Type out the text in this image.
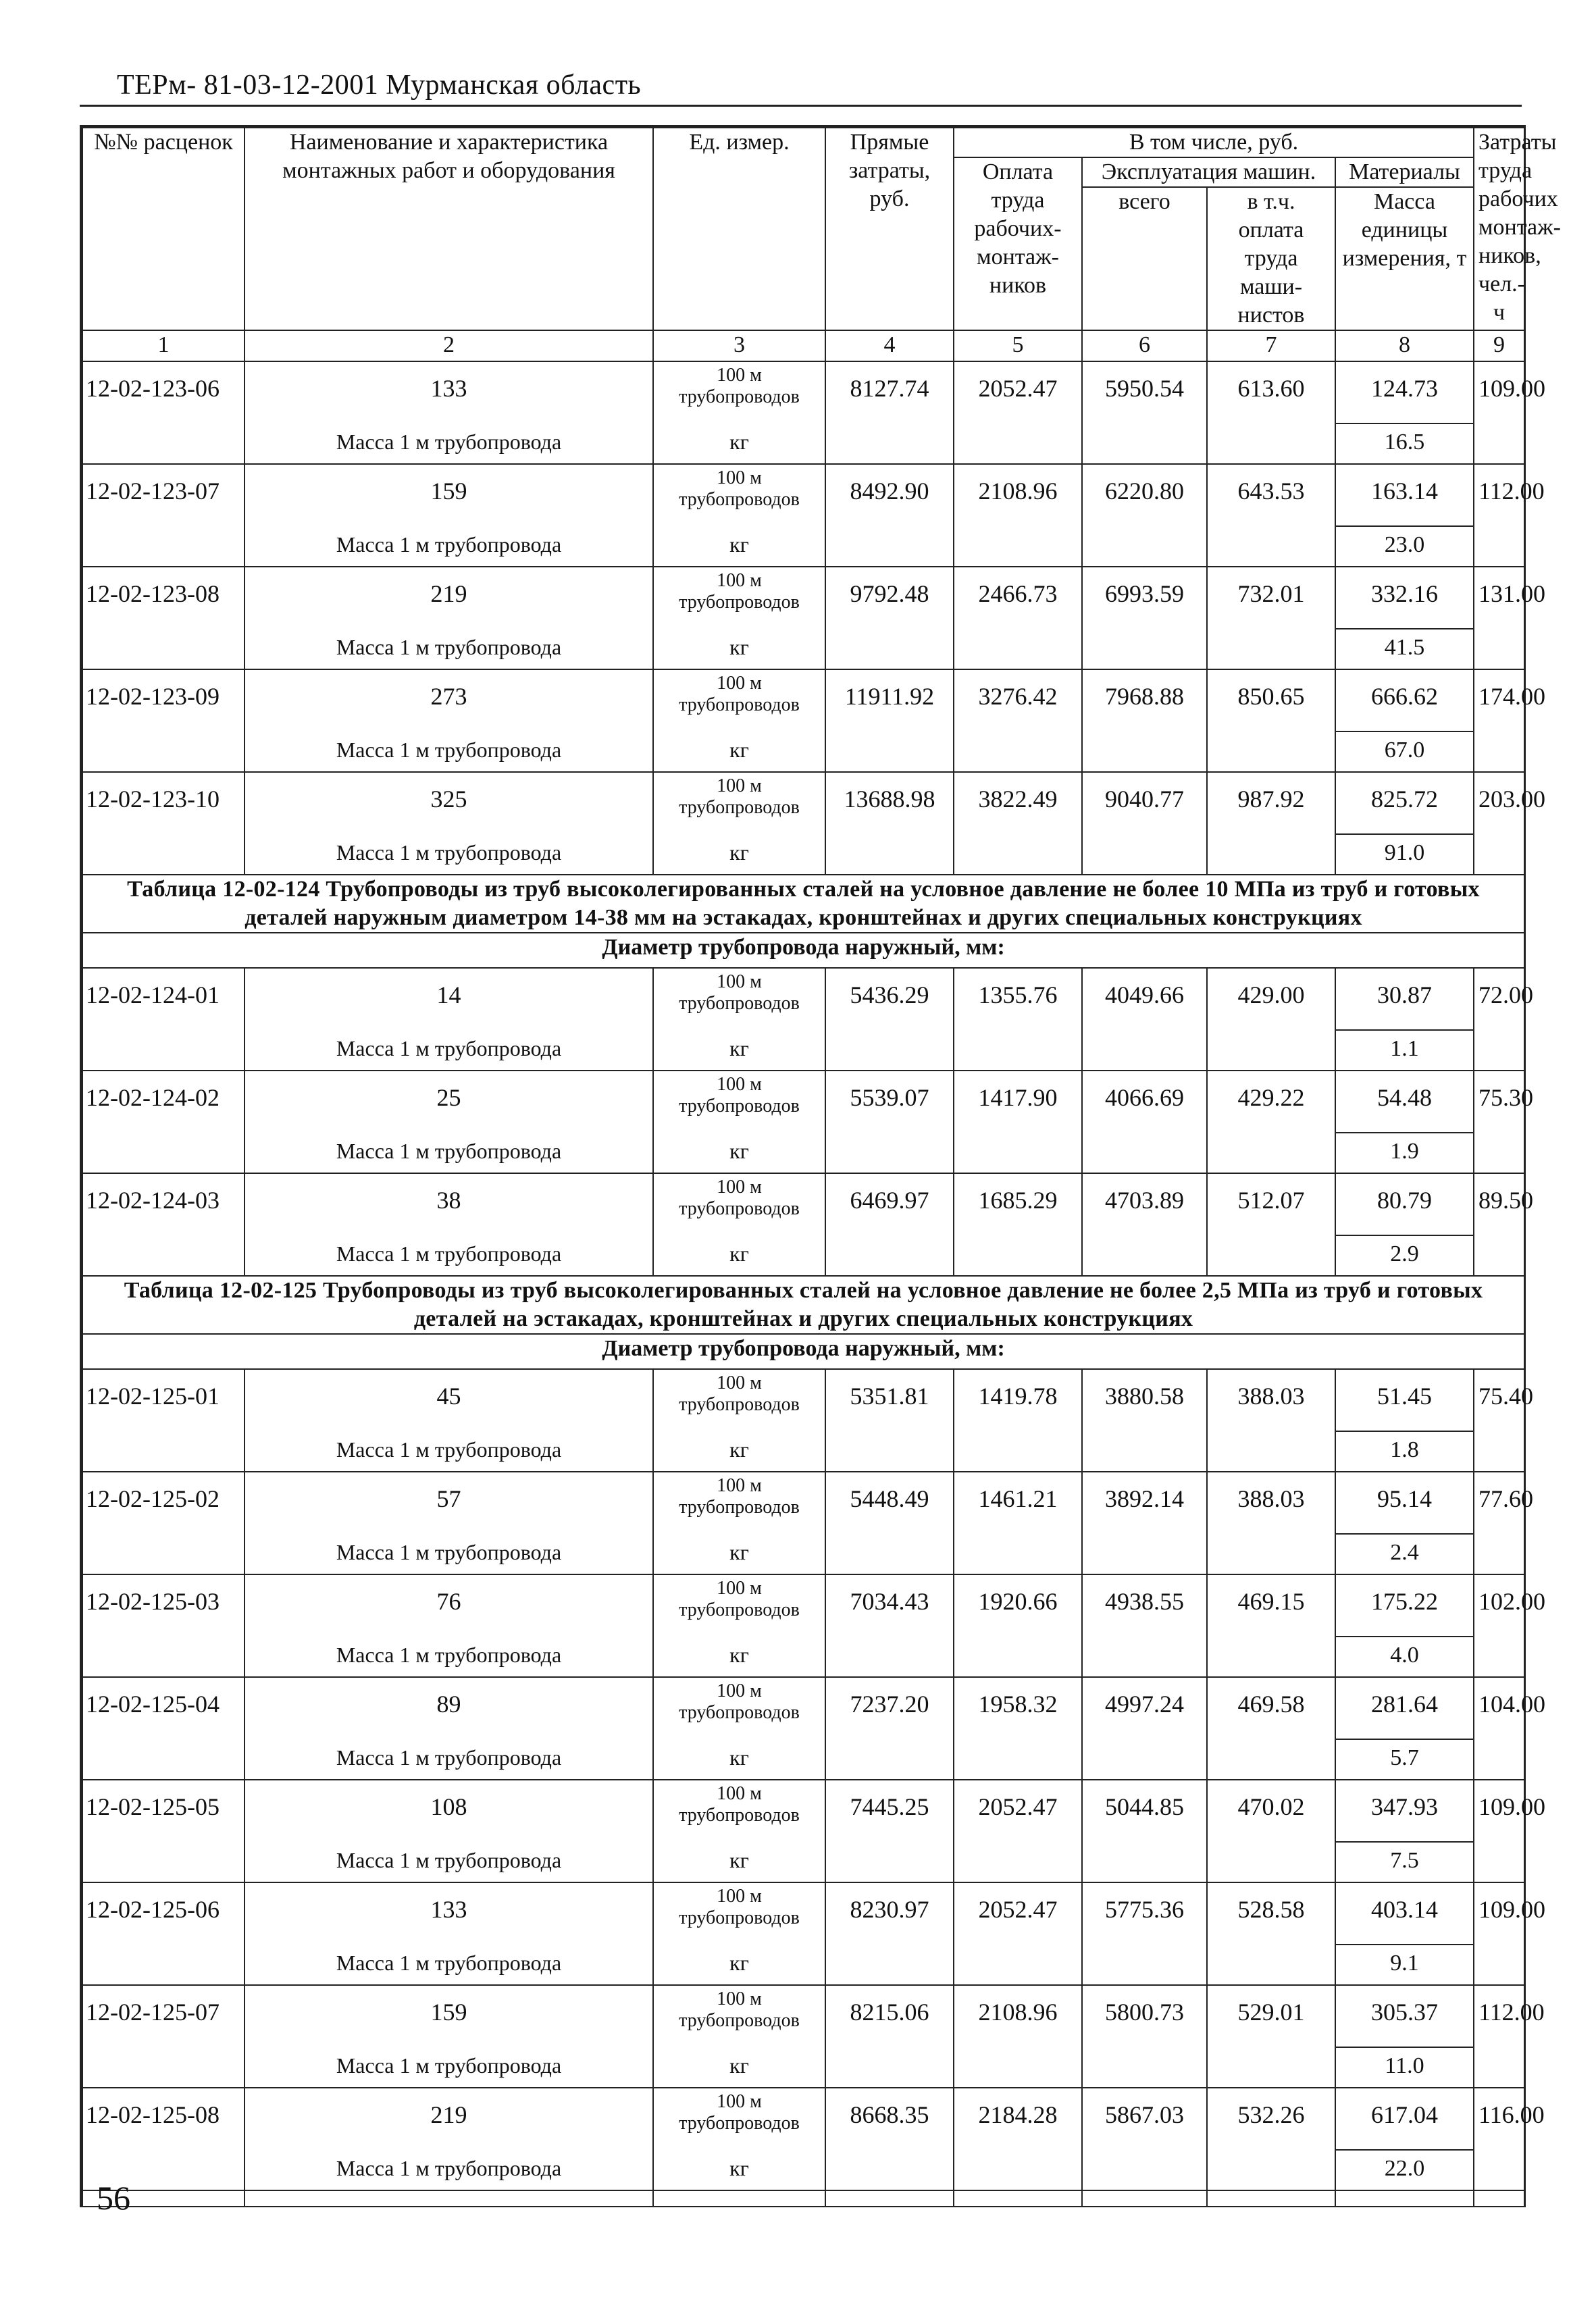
ТЕРм- 81-03-12-2001 Мурманская область
№№ расценок	Наименование и характеристика монтажных работ и оборудования	Ед. измер.	Прямые затраты, руб.	В том числе, руб.				Затраты труда рабочих монтаж-ников, чел.-ч
				Оплата труда рабочих-монтаж-ников	Эксплуатация машин.		Материалы	
					всего	в т.ч. оплата труда маши-нистов	Масса единицы измерения, т	
1	2	3	4	5	6	7	8	9
12-02-123-06	133	100 м трубопроводов	8127.74	2052.47	5950.54	613.60	124.73	109.00
	Масса 1 м трубопровода	кг					16.5	
12-02-123-07	159	100 м трубопроводов	8492.90	2108.96	6220.80	643.53	163.14	112.00
	Масса 1 м трубопровода	кг					23.0	
12-02-123-08	219	100 м трубопроводов	9792.48	2466.73	6993.59	732.01	332.16	131.00
	Масса 1 м трубопровода	кг					41.5	
12-02-123-09	273	100 м трубопроводов	11911.92	3276.42	7968.88	850.65	666.62	174.00
	Масса 1 м трубопровода	кг					67.0	
12-02-123-10	325	100 м трубопроводов	13688.98	3822.49	9040.77	987.92	825.72	203.00
	Масса 1 м трубопровода	кг					91.0	
Таблица 12-02-124 Трубопроводы из труб высоколегированных сталей на условное давление не более 10 МПа из труб и готовых деталей наружным диаметром 14-38 мм на эстакадах, кронштейнах и других специальных конструкциях								
Диаметр трубопровода наружный, мм:								
12-02-124-01	14	100 м трубопроводов	5436.29	1355.76	4049.66	429.00	30.87	72.00
	Масса 1 м трубопровода	кг					1.1	
12-02-124-02	25	100 м трубопроводов	5539.07	1417.90	4066.69	429.22	54.48	75.30
	Масса 1 м трубопровода	кг					1.9	
12-02-124-03	38	100 м трубопроводов	6469.97	1685.29	4703.89	512.07	80.79	89.50
	Масса 1 м трубопровода	кг					2.9	
Таблица 12-02-125 Трубопроводы из труб высоколегированных сталей на условное давление не более 2,5 МПа из труб и готовых деталей на эстакадах, кронштейнах и других специальных конструкциях								
Диаметр трубопровода наружный, мм:								
12-02-125-01	45	100 м трубопроводов	5351.81	1419.78	3880.58	388.03	51.45	75.40
	Масса 1 м трубопровода	кг					1.8	
12-02-125-02	57	100 м трубопроводов	5448.49	1461.21	3892.14	388.03	95.14	77.60
	Масса 1 м трубопровода	кг					2.4	
12-02-125-03	76	100 м трубопроводов	7034.43	1920.66	4938.55	469.15	175.22	102.00
	Масса 1 м трубопровода	кг					4.0	
12-02-125-04	89	100 м трубопроводов	7237.20	1958.32	4997.24	469.58	281.64	104.00
	Масса 1 м трубопровода	кг					5.7	
12-02-125-05	108	100 м трубопроводов	7445.25	2052.47	5044.85	470.02	347.93	109.00
	Масса 1 м трубопровода	кг					7.5	
12-02-125-06	133	100 м трубопроводов	8230.97	2052.47	5775.36	528.58	403.14	109.00
	Масса 1 м трубопровода	кг					9.1	
12-02-125-07	159	100 м трубопроводов	8215.06	2108.96	5800.73	529.01	305.37	112.00
	Масса 1 м трубопровода	кг					11.0	
12-02-125-08	219	100 м трубопроводов	8668.35	2184.28	5867.03	532.26	617.04	116.00
	Масса 1 м трубопровода	кг					22.0	

56
